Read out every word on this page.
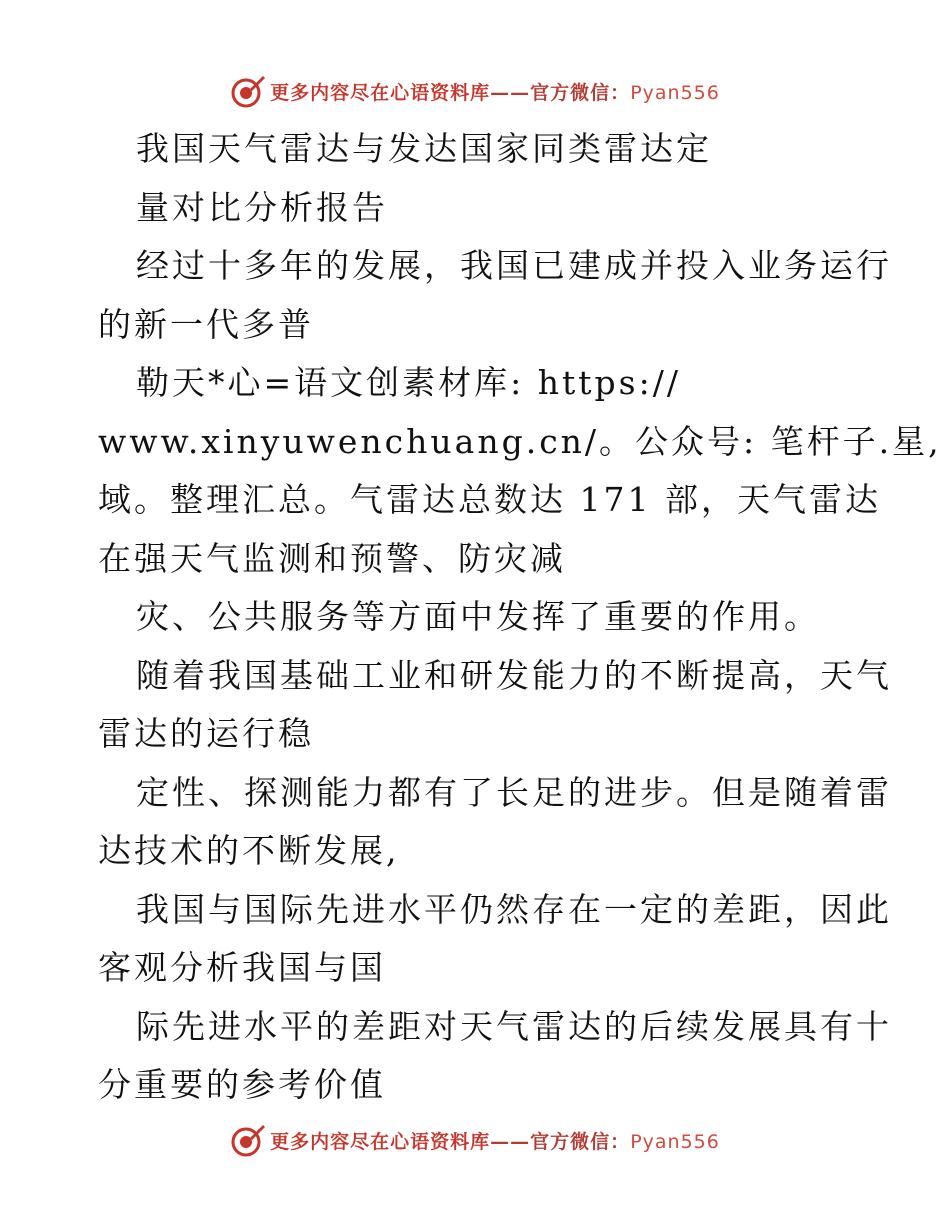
更多内容尽在心语资料库——官方微信：Pyan556
我国天气雷达与发达国家同类雷达定
量对比分析报告
经过十多年的发展，我国已建成并投入业务运行
的新一代多普
勒天*心=语文创素材库: https://
www.xinyuwenchuang.cn/。公众号: 笔杆子.星,
域。整理汇总。气雷达总数达 171 部，天气雷达
在强天气监测和预警、防灾减
灾、公共服务等方面中发挥了重要的作用。
随着我国基础工业和研发能力的不断提高，天气
雷达的运行稳
定性、探测能力都有了长足的进步。但是随着雷
达技术的不断发展,
我国与国际先进水平仍然存在一定的差距，因此
客观分析我国与国
际先进水平的差距对天气雷达的后续发展具有十
分重要的参考价值
更多内容尽在心语资料库——官方微信：Pyan556
